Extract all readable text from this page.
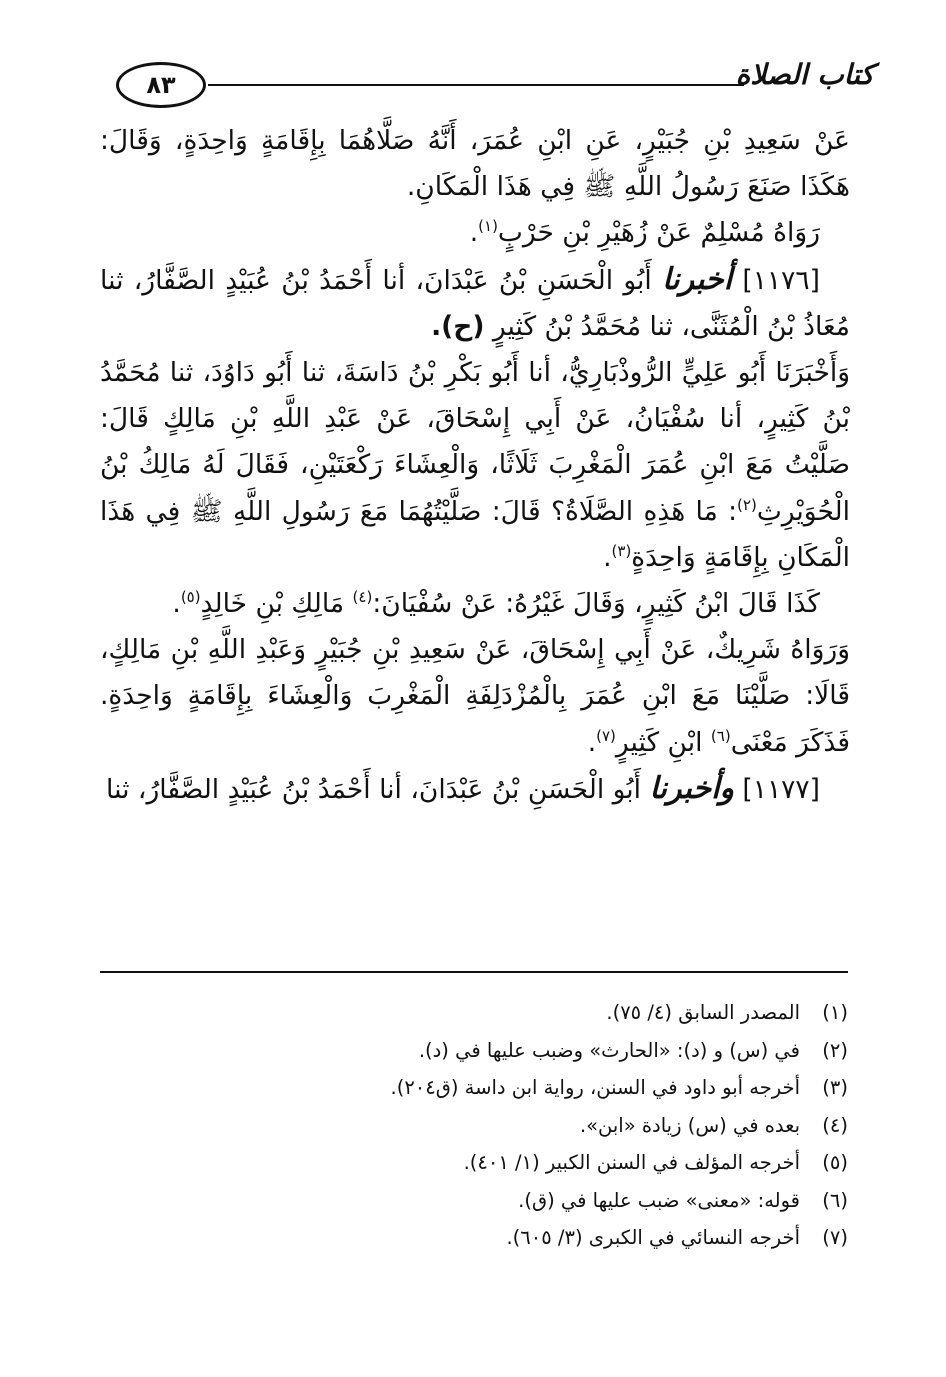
٨٣	كتاب الصلاة

عَنْ سَعِيدِ بْنِ جُبَيْرٍ، عَنِ ابْنِ عُمَرَ، أَنَّهُ صَلَّاهُمَا بِإِقَامَةٍ وَاحِدَةٍ، وَقَالَ: هَكَذَا صَنَعَ رَسُولُ اللَّهِ ﷺ فِي هَذَا الْمَكَانِ.

رَوَاهُ مُسْلِمٌ عَنْ زُهَيْرِ بْنِ حَرْبٍ$^{(١)}$.

[١١٧٦] أخبرنا أَبُو الْحَسَنِ بْنُ عَبْدَانَ، أنا أَحْمَدُ بْنُ عُبَيْدٍ الصَّفَّارُ، ثنا مُعَاذُ بْنُ الْمُثَنَّى، ثنا مُحَمَّدُ بْنُ كَثِيرٍ (ح).

وَأَخْبَرَنَا أَبُو عَلِيٍّ الرُّوذْبَارِيُّ، أنا أَبُو بَكْرِ بْنُ دَاسَةَ، ثنا أَبُو دَاوُدَ، ثنا مُحَمَّدُ بْنُ كَثِيرٍ، أنا سُفْيَانُ، عَنْ أَبِي إِسْحَاقَ، عَنْ عَبْدِ اللَّهِ بْنِ مَالِكٍ قَالَ: صَلَّيْتُ مَعَ ابْنِ عُمَرَ الْمَغْرِبَ ثَلَاثًا، وَالْعِشَاءَ رَكْعَتَيْنِ، فَقَالَ لَهُ مَالِكُ بْنُ الْحُوَيْرِثِ$^{(٢)}$: مَا هَذِهِ الصَّلَاةُ؟ قَالَ: صَلَّيْتُهُمَا مَعَ رَسُولِ اللَّهِ ﷺ فِي هَذَا الْمَكَانِ بِإِقَامَةٍ وَاحِدَةٍ$^{(٣)}$.

كَذَا قَالَ ابْنُ كَثِيرٍ، وَقَالَ غَيْرُهُ: عَنْ سُفْيَانَ:$^{(٤)}$ مَالِكِ بْنِ خَالِدٍ$^{(٥)}$.

وَرَوَاهُ شَرِيكٌ، عَنْ أَبِي إِسْحَاقَ، عَنْ سَعِيدِ بْنِ جُبَيْرٍ وَعَبْدِ اللَّهِ بْنِ مَالِكٍ، قَالَا: صَلَّيْنَا مَعَ ابْنِ عُمَرَ بِالْمُزْدَلِفَةِ الْمَغْرِبَ وَالْعِشَاءَ بِإِقَامَةٍ وَاحِدَةٍ. فَذَكَرَ مَعْنَى$^{(٦)}$ ابْنِ كَثِيرٍ$^{(٧)}$.

[١١٧٧] وأخبرنا أَبُو الْحَسَنِ بْنُ عَبْدَانَ، أنا أَحْمَدُ بْنُ عُبَيْدٍ الصَّفَّارُ، ثنا

(١)
المصدر السابق (٤/ ٧٥).
(٢)
في (س) و (د): «الحارث» وضبب عليها في (د).
(٣)
أخرجه أبو داود في السنن، رواية ابن داسة (ق٢٠٤).
(٤)
بعده في (س) زيادة «ابن».
(٥)
أخرجه المؤلف في السنن الكبير (١/ ٤٠١).
(٦)
قوله: «معنى» ضبب عليها في (ق).
(٧)
أخرجه النسائي في الكبرى (٣/ ٦٠٥).
